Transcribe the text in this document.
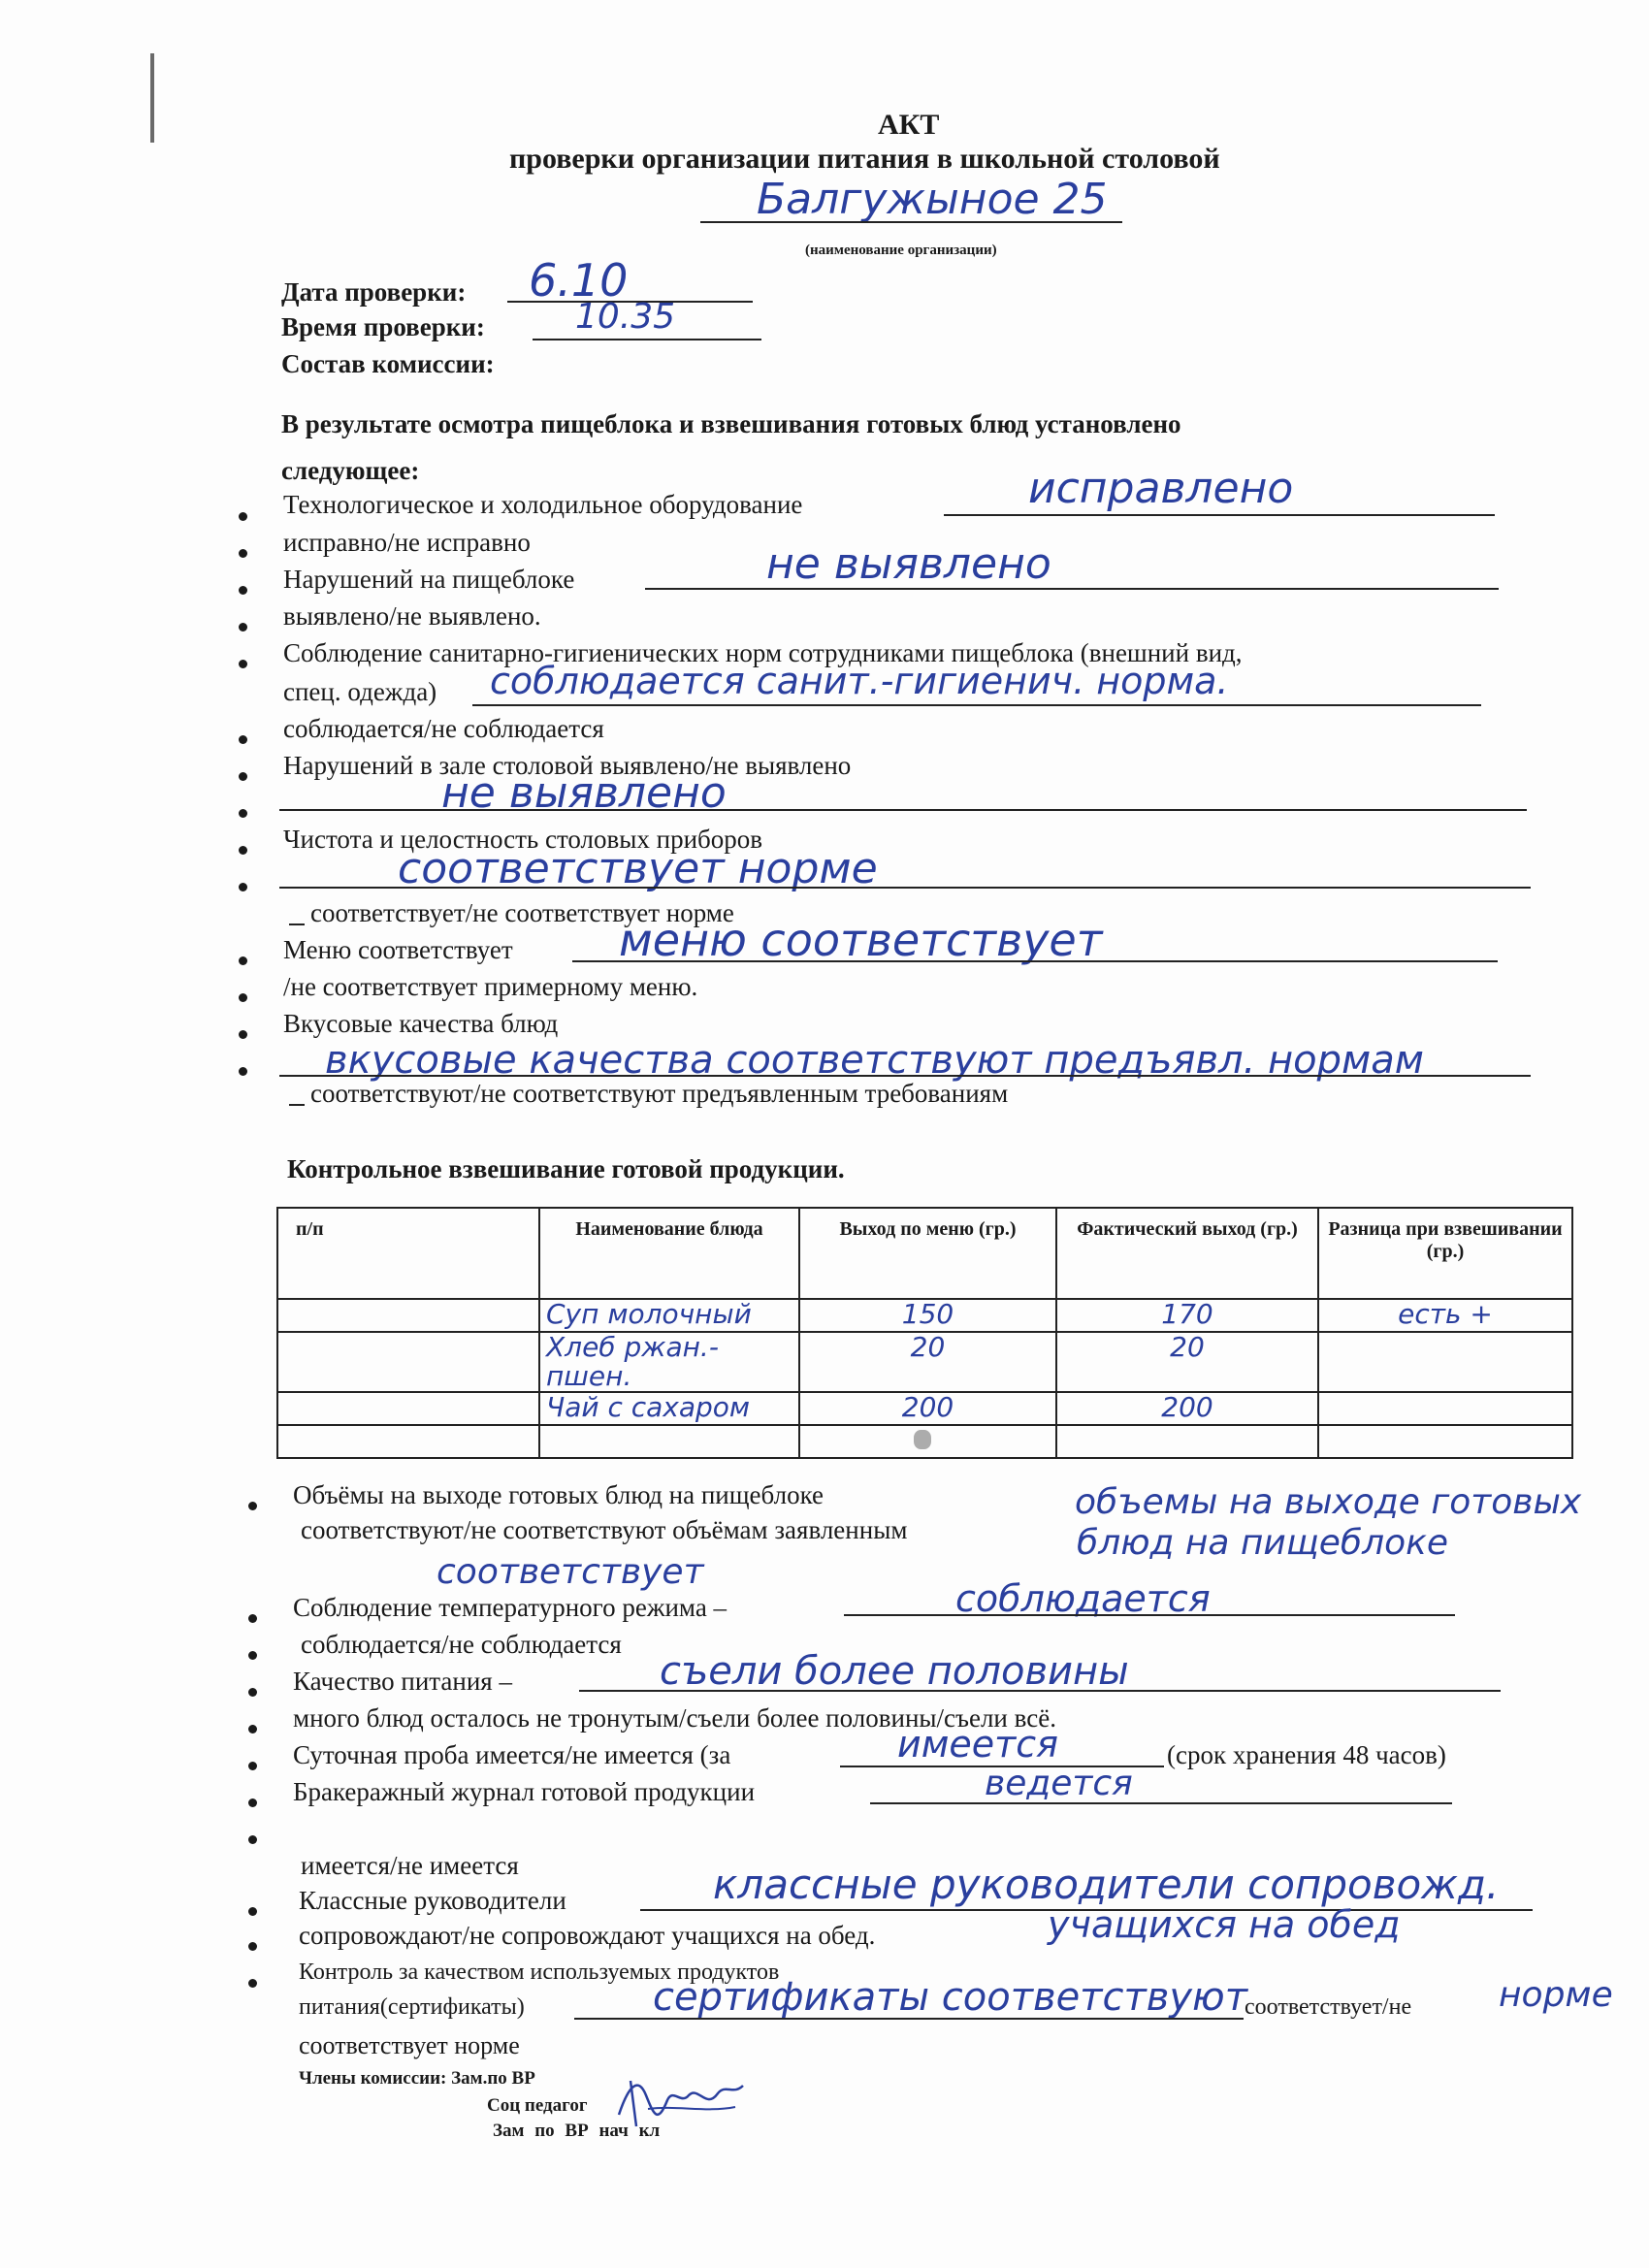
АКТ
проверки организации питания в школьной столовой
Балгужыное 25
(наименование организации)
Дата проверки: 6.10
Время проверки:	10.35
Состав комиссии:
В результате осмотра пищеблока и взвешивания готовых блюд установлено
следующее:
Технологическое и холодильное оборудование	исправлено
исправно/не исправно
Нарушений на пищеблоке	не выявлено
выявлено/не выявлено.
Соблюдение санитарно-гигиенических норм сотрудниками пищеблока (внешний вид,
спец. одежда) соблюдается санит.-гигиенич. норма.
соблюдается/не соблюдается
Нарушений в зале столовой выявлено/не выявлено
не выявлено
Чистота и целостность столовых приборов
соответствует норме
соответствует/не соответствует норме
Меню соответствует меню соответствует
/не соответствует примерному меню.
Вкусовые качества блюд
вкусовые качества соответствуют предъявл. нормам
соответствуют/не соответствуют предъявленным требованиям
Контрольное взвешивание готовой продукции.
п/п	Наименование блюда	Выход по меню (гр.)	Фактический выход (гр.)	Разница при взвешивании (гр.)
	Суп молочный	150	170	есть +
	Хлеб ржан.-пшен.	20	20	
	Чай с сахаром	200	200	

Объёмы на выходе готовых блюд на пищеблоке
соответствуют/не соответствуют объёмам заявленным
объемы на выходе готовых
блюд на пищеблоке
соответствует
Соблюдение температурного режима –	соблюдается
соблюдается/не соблюдается
Качество питания –	съели более половины
много блюд осталось не тронутым/съели более половины/съели всё.
Суточная проба имеется/не имеется (за	имеется	(срок хранения 48 часов)
Бракеражный журнал готовой продукции	ведется
имеется/не имеется
Классные руководители	классные руководители сопровожд.
сопровождают/не сопровождают учащихся на обед.	учащихся на обед
Контроль за качеством используемых продуктов
питания(сертификаты)	сертификаты соответствуют
соответствует/не норме
соответствует норме
Члены комиссии: Зам.по ВР
Соц педагог
Зам по ВР нач кл
